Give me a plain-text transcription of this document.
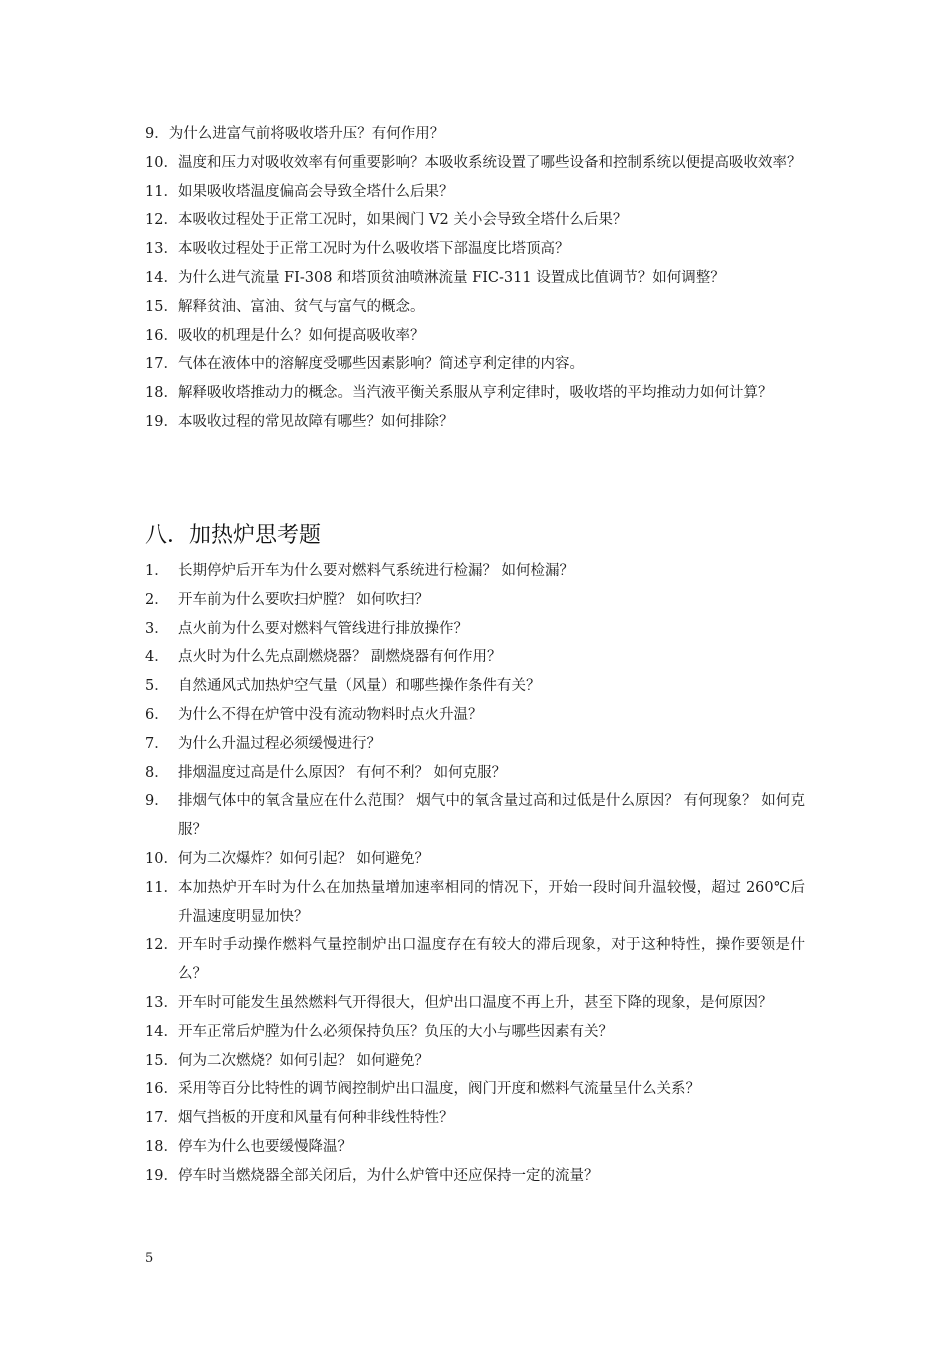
9． 为什么进富气前将吸收塔升压？有何作用？
10． 温度和压力对吸收效率有何重要影响？本吸收系统设置了哪些设备和控制系统以便提高吸收效率？
11． 如果吸收塔温度偏高会导致全塔什么后果？
12． 本吸收过程处于正常工况时，如果阀门 V2 关小会导致全塔什么后果？
13． 本吸收过程处于正常工况时为什么吸收塔下部温度比塔顶高？
14． 为什么进气流量 FI-308 和塔顶贫油喷淋流量 FIC-311 设置成比值调节？如何调整？
15． 解释贫油、富油、贫气与富气的概念。
16． 吸收的机理是什么？如何提高吸收率？
17． 气体在液体中的溶解度受哪些因素影响？简述亨利定律的内容。
18． 解释吸收塔推动力的概念。当汽液平衡关系服从亨利定律时，吸收塔的平均推动力如何计算？
19． 本吸收过程的常见故障有哪些？如何排除？
八．加热炉思考题
1． 长期停炉后开车为什么要对燃料气系统进行检漏？ 如何检漏？
2． 开车前为什么要吹扫炉膛？ 如何吹扫？
3． 点火前为什么要对燃料气管线进行排放操作？
4． 点火时为什么先点副燃烧器？ 副燃烧器有何作用？
5． 自然通风式加热炉空气量（风量）和哪些操作条件有关？
6． 为什么不得在炉管中没有流动物料时点火升温？
7． 为什么升温过程必须缓慢进行？
8． 排烟温度过高是什么原因？ 有何不利？ 如何克服？
9． 排烟气体中的氧含量应在什么范围？ 烟气中的氧含量过高和过低是什么原因？ 有何现象？ 如何克服？
10． 何为二次爆炸？如何引起？ 如何避免？
11． 本加热炉开车时为什么在加热量增加速率相同的情况下，开始一段时间升温较慢，超过 260℃后升温速度明显加快？
12． 开车时手动操作燃料气量控制炉出口温度存在有较大的滞后现象，对于这种特性，操作要领是什么？
13． 开车时可能发生虽然燃料气开得很大，但炉出口温度不再上升，甚至下降的现象，是何原因？
14． 开车正常后炉膛为什么必须保持负压？负压的大小与哪些因素有关？
15． 何为二次燃烧？如何引起？ 如何避免？
16． 采用等百分比特性的调节阀控制炉出口温度，阀门开度和燃料气流量呈什么关系？
17． 烟气挡板的开度和风量有何种非线性特性？
18． 停车为什么也要缓慢降温？
19． 停车时当燃烧器全部关闭后，为什么炉管中还应保持一定的流量？
5
